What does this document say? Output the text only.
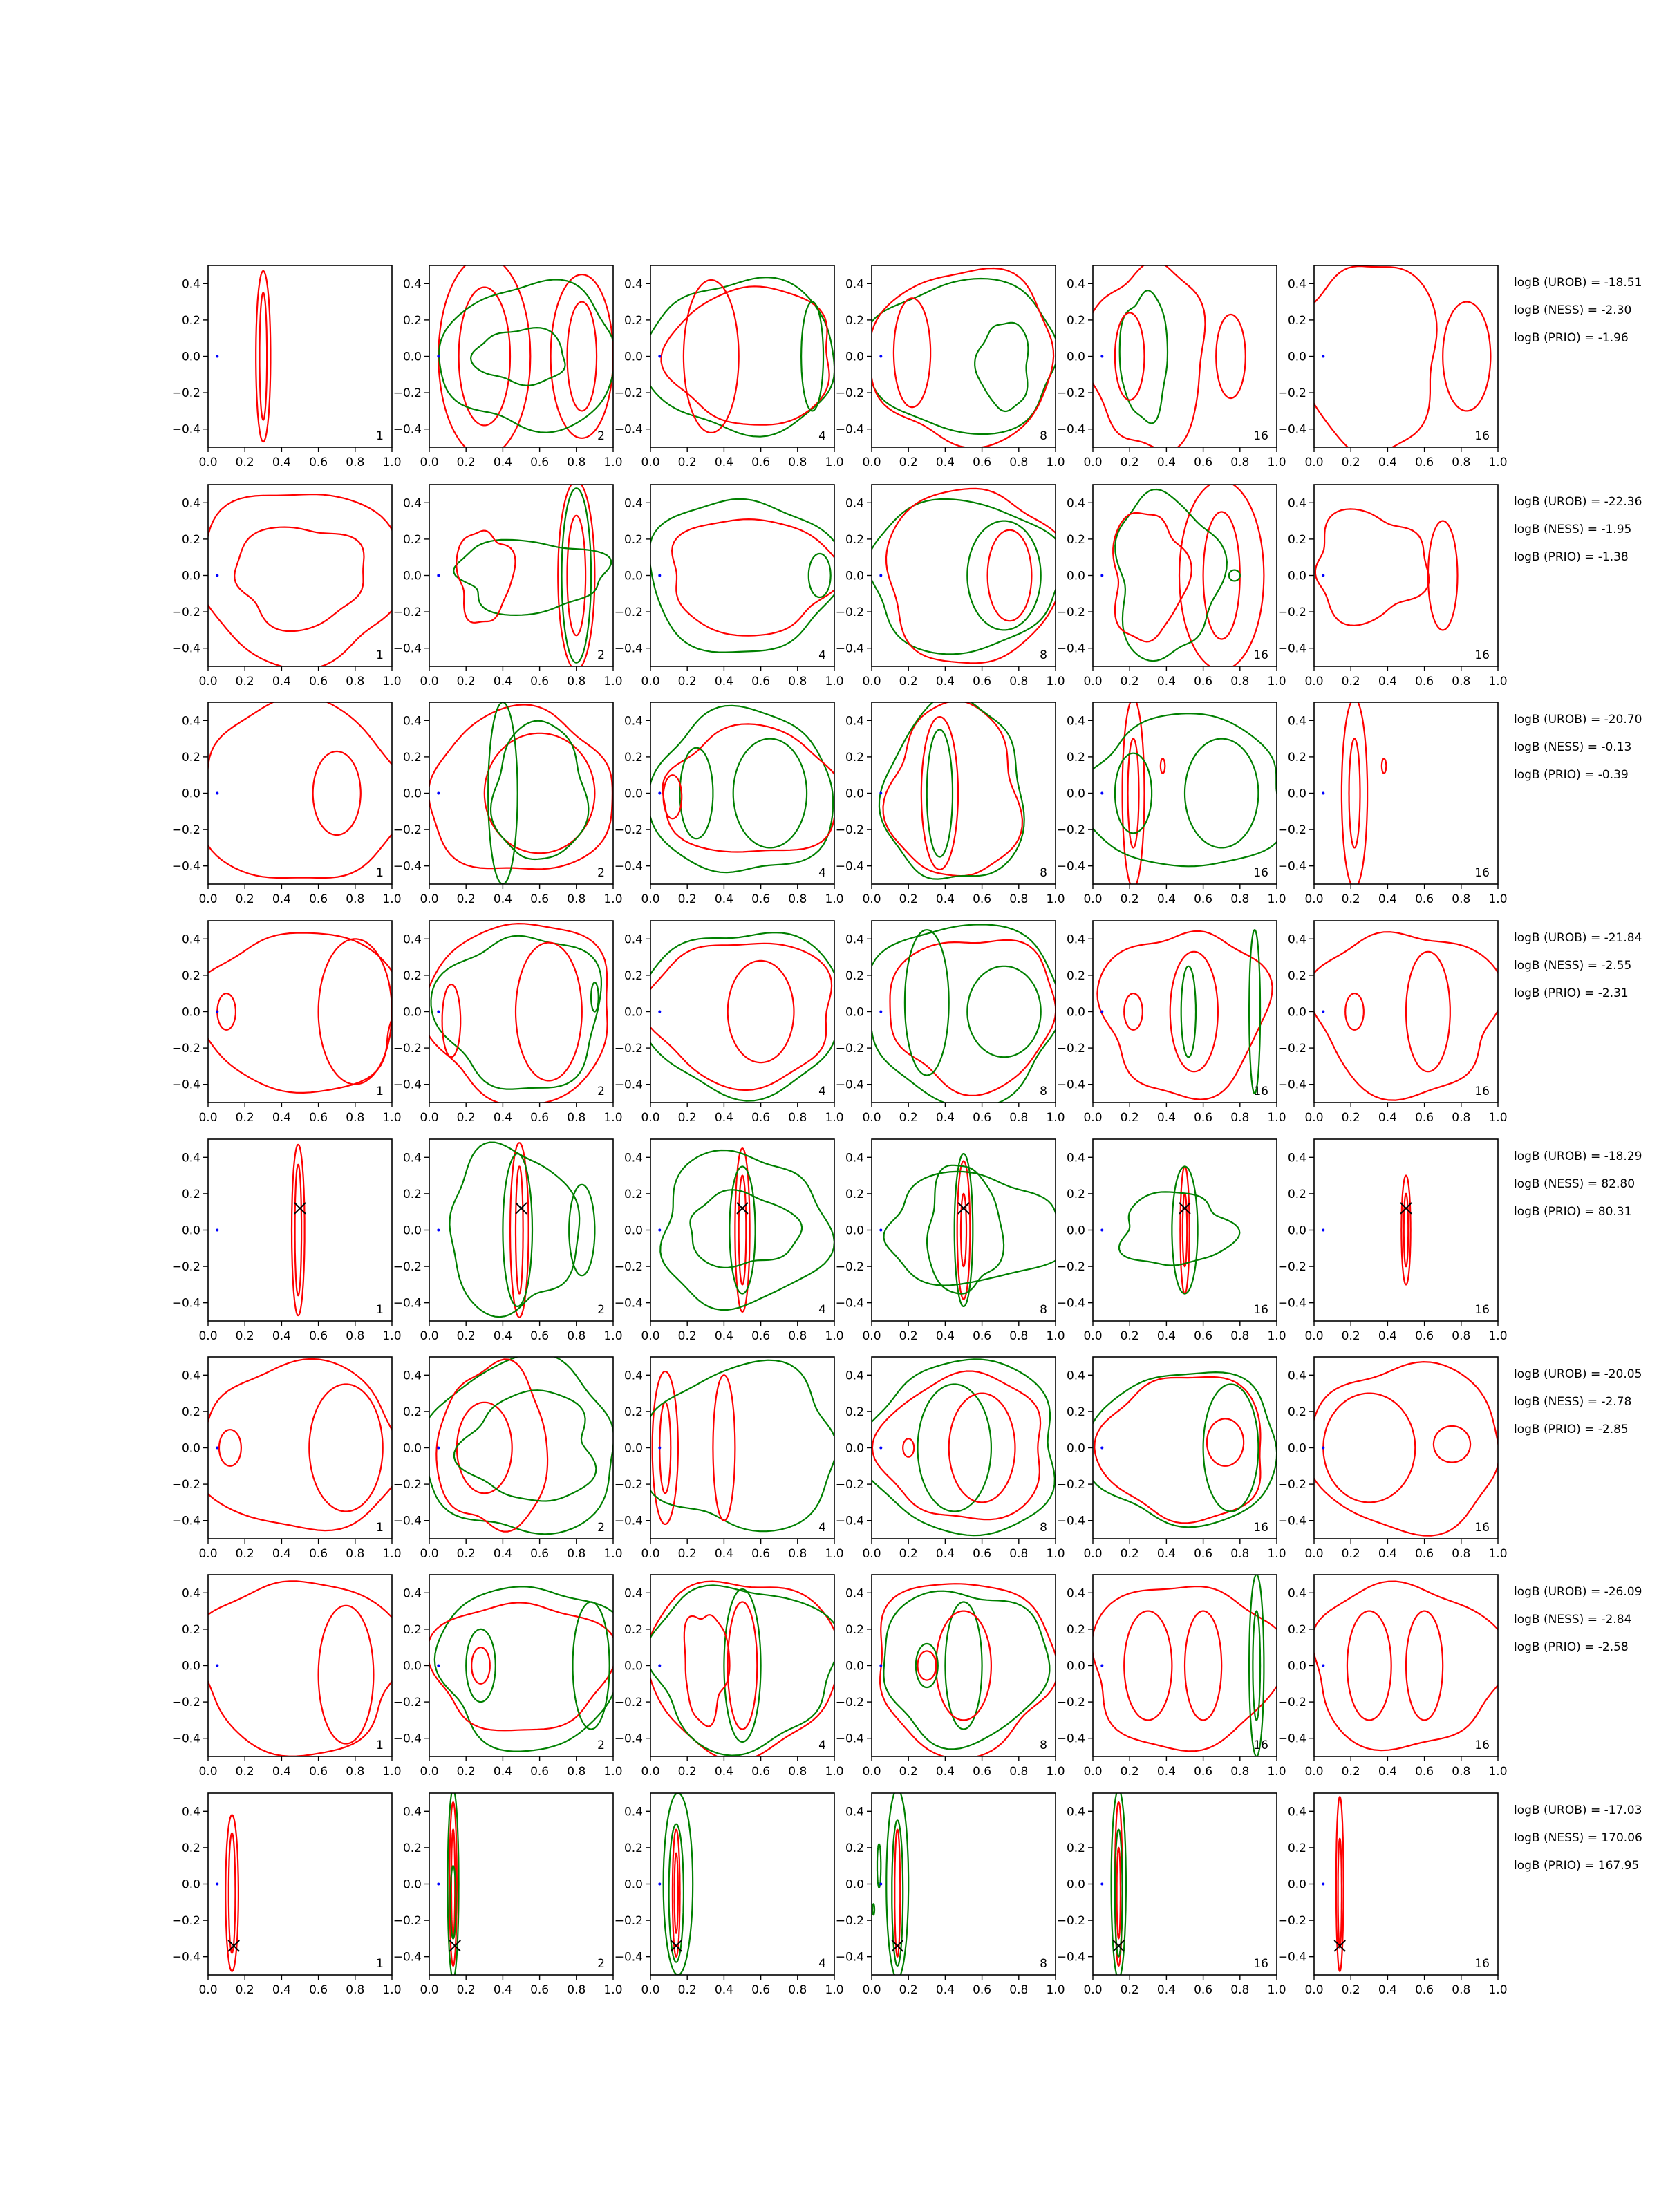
0.0 0.2 0.4 0.6 0.8 1.0
0.4
0.2
0.0
−0.2
−0.4	1
0.0 0.2 0.4 0.6 0.8 1.0
0.4
0.2
0.0
−0.2
−0.4	2
0.0 0.2 0.4 0.6 0.8 1.0
0.4
0.2
0.0
−0.2
−0.4	4
0.0 0.2 0.4 0.6 0.8 1.0
0.4
0.2
0.0
−0.2
−0.4	8
0.0 0.2 0.4 0.6 0.8 1.0
0.4
0.2
0.0
−0.2
−0.4	16
0.0 0.2 0.4 0.6 0.8 1.0
0.4
0.2
0.0
−0.2
−0.4	16
0.0 0.2 0.4 0.6 0.8 1.0
0.4
0.2
0.0
−0.2
−0.4	1
0.0 0.2 0.4 0.6 0.8 1.0
0.4
0.2
0.0
−0.2
−0.4	2
0.0 0.2 0.4 0.6 0.8 1.0
0.4
0.2
0.0
−0.2
−0.4	4
0.0 0.2 0.4 0.6 0.8 1.0
0.4
0.2
0.0
−0.2
−0.4	8
0.0 0.2 0.4 0.6 0.8 1.0
0.4
0.2
0.0
−0.2
−0.4	16
0.0 0.2 0.4 0.6 0.8 1.0
0.4
0.2
0.0
−0.2
−0.4	16
0.0 0.2 0.4 0.6 0.8 1.0
0.4
0.2
0.0
−0.2
−0.4	1
0.0 0.2 0.4 0.6 0.8 1.0
0.4
0.2
0.0
−0.2
−0.4	2
0.0 0.2 0.4 0.6 0.8 1.0
0.4
0.2
0.0
−0.2
−0.4	4
0.0 0.2 0.4 0.6 0.8 1.0
0.4
0.2
0.0
−0.2
−0.4	8
0.0 0.2 0.4 0.6 0.8 1.0
0.4
0.2
0.0
−0.2
−0.4	16
0.0 0.2 0.4 0.6 0.8 1.0
0.4
0.2
0.0
−0.2
−0.4	16
0.0 0.2 0.4 0.6 0.8 1.0
0.4
0.2
0.0
−0.2
−0.4	1
0.0 0.2 0.4 0.6 0.8 1.0
0.4
0.2
0.0
−0.2
−0.4	2
0.0 0.2 0.4 0.6 0.8 1.0
0.4
0.2
0.0
−0.2
−0.4	4
0.0 0.2 0.4 0.6 0.8 1.0
0.4
0.2
0.0
−0.2
−0.4	8
0.0 0.2 0.4 0.6 0.8 1.0
0.4
0.2
0.0
−0.2
−0.4	16
0.0 0.2 0.4 0.6 0.8 1.0
0.4
0.2
0.0
−0.2
−0.4	16
0.0 0.2 0.4 0.6 0.8 1.0
0.4
0.2
0.0
−0.2
−0.4	1
0.0 0.2 0.4 0.6 0.8 1.0
0.4
0.2
0.0
−0.2
−0.4	2
0.0 0.2 0.4 0.6 0.8 1.0
0.4
0.2
0.0
−0.2
−0.4	4
0.0 0.2 0.4 0.6 0.8 1.0
0.4
0.2
0.0
−0.2
−0.4	8
0.0 0.2 0.4 0.6 0.8 1.0
0.4
0.2
0.0
−0.2
−0.4	16
0.0 0.2 0.4 0.6 0.8 1.0
0.4
0.2
0.0
−0.2
−0.4	16
0.0 0.2 0.4 0.6 0.8 1.0
0.4
0.2
0.0
−0.2
−0.4	1
0.0 0.2 0.4 0.6 0.8 1.0
0.4
0.2
0.0
−0.2
−0.4	2
0.0 0.2 0.4 0.6 0.8 1.0
0.4
0.2
0.0
−0.2
−0.4	4
0.0 0.2 0.4 0.6 0.8 1.0
0.4
0.2
0.0
−0.2
−0.4	8
0.0 0.2 0.4 0.6 0.8 1.0
0.4
0.2
0.0
−0.2
−0.4	16
0.0 0.2 0.4 0.6 0.8 1.0
0.4
0.2
0.0
−0.2
−0.4	16
0.0 0.2 0.4 0.6 0.8 1.0
0.4
0.2
0.0
−0.2
−0.4	1
0.0 0.2 0.4 0.6 0.8 1.0
0.4
0.2
0.0
−0.2
−0.4	2
0.0 0.2 0.4 0.6 0.8 1.0
0.4
0.2
0.0
−0.2
−0.4	4
0.0 0.2 0.4 0.6 0.8 1.0
0.4
0.2
0.0
−0.2
−0.4	8
0.0 0.2 0.4 0.6 0.8 1.0
0.4
0.2
0.0
−0.2
−0.4	16
0.0 0.2 0.4 0.6 0.8 1.0
0.4
0.2
0.0
−0.2
−0.4	16
0.0 0.2 0.4 0.6 0.8 1.0
0.4
0.2
0.0
−0.2
−0.4	1
0.0 0.2 0.4 0.6 0.8 1.0
0.4
0.2
0.0
−0.2
−0.4	2
0.0 0.2 0.4 0.6 0.8 1.0
0.4
0.2
0.0
−0.2
−0.4	4
0.0 0.2 0.4 0.6 0.8 1.0
0.4
0.2
0.0
−0.2
−0.4	8
0.0 0.2 0.4 0.6 0.8 1.0
0.4
0.2
0.0
−0.2
−0.4	16
0.0 0.2 0.4 0.6 0.8 1.0
0.4
0.2
0.0
−0.2
−0.4	16
logB (UROB) = -18.51
logB (NESS) = -2.30
logB (PRIO) = -1.96
logB (UROB) = -22.36
logB (NESS) = -1.95
logB (PRIO) = -1.38
logB (UROB) = -20.70
logB (NESS) = -0.13
logB (PRIO) = -0.39
logB (UROB) = -21.84
logB (NESS) = -2.55
logB (PRIO) = -2.31
logB (UROB) = -18.29
logB (NESS) = 82.80
logB (PRIO) = 80.31
logB (UROB) = -20.05
logB (NESS) = -2.78
logB (PRIO) = -2.85
logB (UROB) = -26.09
logB (NESS) = -2.84
logB (PRIO) = -2.58
logB (UROB) = -17.03
logB (NESS) = 170.06
logB (PRIO) = 167.95
